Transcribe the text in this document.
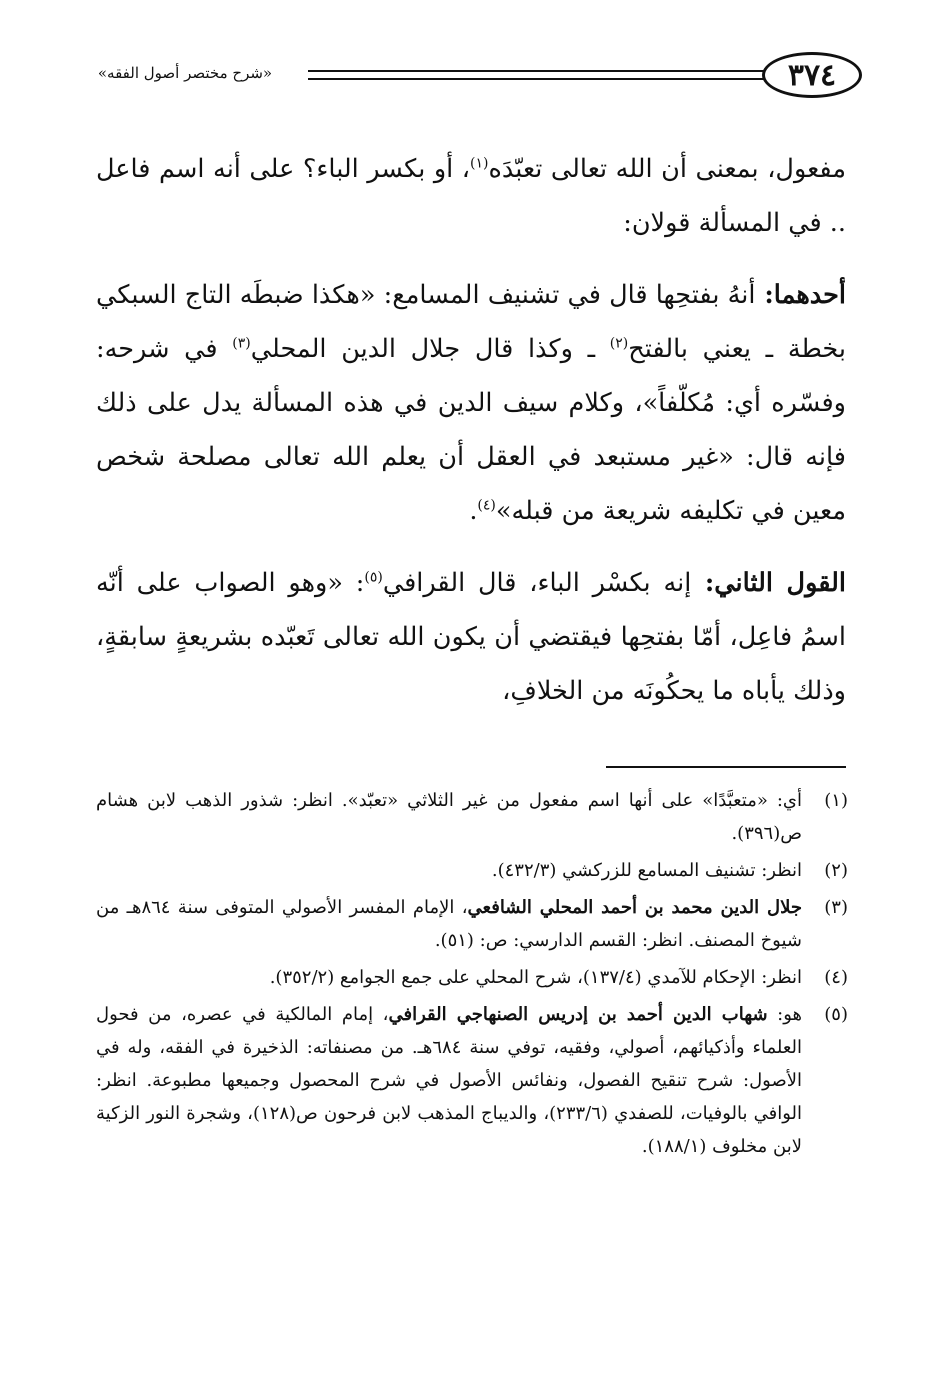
٣٧٤
«شرح مختصر أصول الفقه»

مفعول، بمعنى أن الله تعالى تعبّدَه$^{(١)}$، أو بكسر الباء؟ على أنه اسم فاعل .. في المسألة قولان:

أحدهما: أنهُ بفتحِها قال في تشنيف المسامع: «هكذا ضبطَه التاج السبكي بخطة ـ يعني بالفتح$^{(٢)}$ ـ وكذا قال جلال الدين المحلي$^{(٣)}$ في شرحه: وفسّره أي: مُكلّفاً»، وكلام سيف الدين في هذه المسألة يدل على ذلك فإنه قال: «غير مستبعد في العقل أن يعلم الله تعالى مصلحة شخص معين في تكليفه شريعة من قبله»$^{(٤)}$.

القول الثاني: إنه بكسْر الباء، قال القرافي$^{(٥)}$: «وهو الصواب على أنّه اسمُ فاعِل، أمّا بفتحِها فيقتضي أن يكون الله تعالى تَعبّده بشريعةٍ سابقةٍ، وذلك يأباه ما يحكُونَه من الخلافِ،

(١)
أي: «متعبَّدًا» على أنها اسم مفعول من غير الثلاثي «تعبّد». انظر: شذور الذهب لابن هشام ص(٣٩٦).
(٢)
انظر: تشنيف المسامع للزركشي (٤٣٢/٣).
(٣)
جلال الدين محمد بن أحمد المحلي الشافعي، الإمام المفسر الأصولي المتوفى سنة ٨٦٤هـ من شيوخ المصنف. انظر: القسم الدارسي: ص: (٥١).
(٤)
انظر: الإحكام للآمدي (١٣٧/٤)، شرح المحلي على جمع الجوامع (٣٥٢/٢).
(٥)
هو: شهاب الدين أحمد بن إدريس الصنهاجي القرافي، إمام المالكية في عصره، من فحول العلماء وأذكيائهم، أصولي، وفقيه، توفي سنة ٦٨٤هـ. من مصنفاته: الذخيرة في الفقه، وله في الأصول: شرح تنقيح الفصول، ونفائس الأصول في شرح المحصول وجميعها مطبوعة. انظر: الوافي بالوفيات، للصفدي (٢٣٣/٦)، والديباج المذهب لابن فرحون ص(١٢٨)، وشجرة النور الزكية لابن مخلوف (١٨٨/١).
